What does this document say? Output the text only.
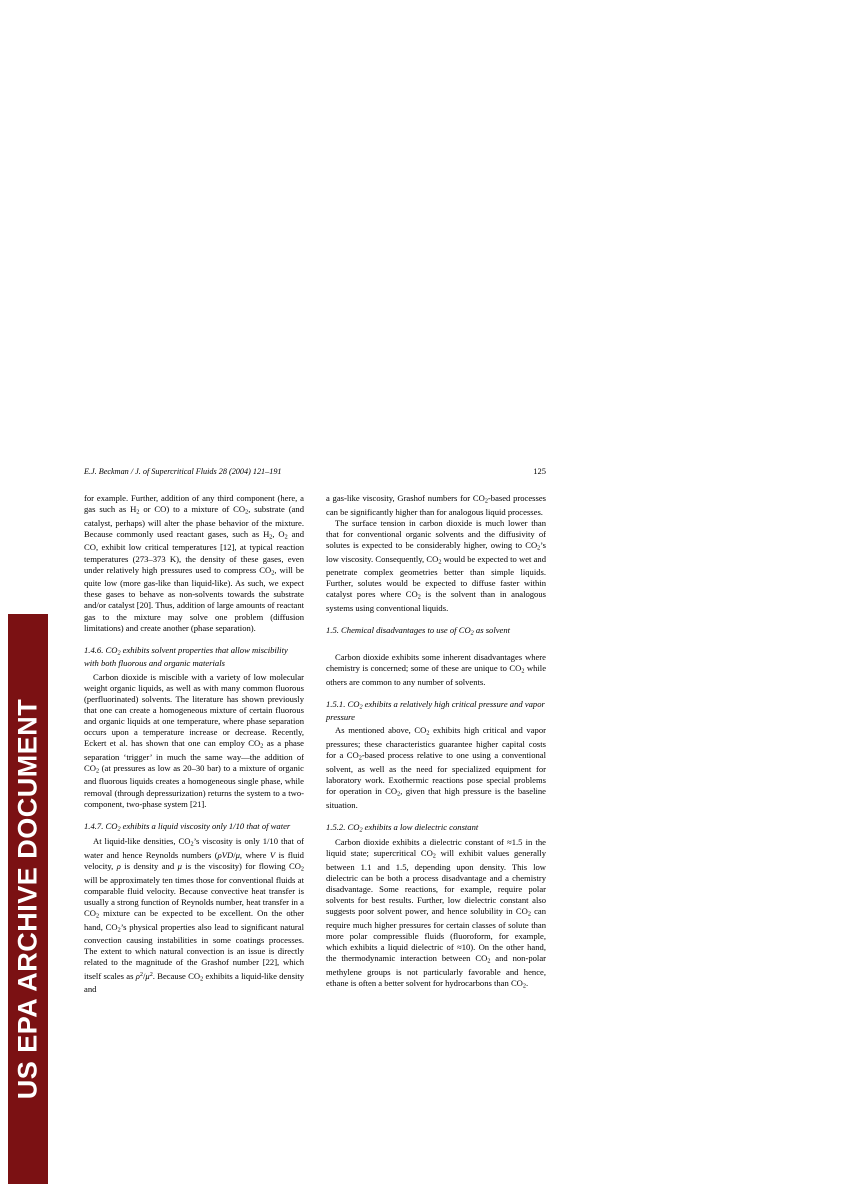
US EPA ARCHIVE DOCUMENT
E.J. Beckman / J. of Supercritical Fluids 28 (2004) 121–191	125

for example. Further, addition of any third component (here, a gas such as $H_2$ or CO) to a mixture of $CO_2$, substrate (and catalyst, perhaps) will alter the phase behavior of the mixture. Because commonly used reactant gases, such as $H_2$, $O_2$ and CO, exhibit low critical temperatures [12], at typical reaction temperatures (273–373 K), the density of these gases, even under relatively high pressures used to compress $CO_2$, will be quite low (more gas-like than liquid-like). As such, we expect these gases to behave as non-solvents towards the substrate and/or catalyst [20]. Thus, addition of large amounts of reactant gas to the mixture may solve one problem (diffusion limitations) and create another (phase separation).

1.4.6. $CO_2$ exhibits solvent properties that allow miscibility with both fluorous and organic materials

Carbon dioxide is miscible with a variety of low molecular weight organic liquids, as well as with many common fluorous (perfluorinated) solvents. The literature has shown previously that one can create a homogeneous mixture of certain fluorous and organic liquids at one temperature, where phase separation occurs upon a temperature increase or decrease. Recently, Eckert et al. has shown that one can employ $CO_2$ as a phase separation ‘trigger’ in much the same way—the addition of $CO_2$ (at pressures as low as 20–30 bar) to a mixture of organic and fluorous liquids creates a homogeneous single phase, while removal (through depressurization) returns the system to a two-component, two-phase system [21].

1.4.7. $CO_2$ exhibits a liquid viscosity only 1/10 that of water

At liquid-like densities, $CO_2’s$ viscosity is only 1/10 that of water and hence Reynolds numbers (ρVD/μ, where V is fluid velocity, ρ is density and μ is the viscosity) for flowing $CO_2$ will be approximately ten times those for conventional fluids at comparable fluid velocity. Because convective heat transfer is usually a strong function of Reynolds number, heat transfer in a $CO_2$ mixture can be expected to be excellent. On the other hand, $CO_2’s$ physical properties also lead to significant natural convection causing instabilities in some coatings processes. The extent to which natural convection is an issue is directly related to the magnitude of the Grashof number [22], which itself scales as $\rho^2/\mu^2$. Because $CO_2$ exhibits a liquid-like density and

a gas-like viscosity, Grashof numbers for $CO_2$-based processes can be significantly higher than for analogous liquid processes.

The surface tension in carbon dioxide is much lower than that for conventional organic solvents and the diffusivity of solutes is expected to be considerably higher, owing to $CO_2’s$ low viscosity. Consequently, $CO_2$ would be expected to wet and penetrate complex geometries better than simple liquids. Further, solutes would be expected to diffuse faster within catalyst pores where $CO_2$ is the solvent than in analogous systems using conventional liquids.

1.5. Chemical disadvantages to use of $CO_2$ as solvent

Carbon dioxide exhibits some inherent disadvantages where chemistry is concerned; some of these are unique to $CO_2$ while others are common to any number of solvents.

1.5.1. $CO_2$ exhibits a relatively high critical pressure and vapor pressure

As mentioned above, $CO_2$ exhibits high critical and vapor pressures; these characteristics guarantee higher capital costs for a $CO_2$-based process relative to one using a conventional solvent, as well as the need for specialized equipment for laboratory work. Exothermic reactions pose special problems for operation in $CO_2$, given that high pressure is the baseline situation.

1.5.2. $CO_2$ exhibits a low dielectric constant

Carbon dioxide exhibits a dielectric constant of ≈1.5 in the liquid state; supercritical $CO_2$ will exhibit values generally between 1.1 and 1.5, depending upon density. This low dielectric can be both a process disadvantage and a chemistry disadvantage. Some reactions, for example, require polar solvents for best results. Further, low dielectric constant also suggests poor solvent power, and hence solubility in $CO_2$ can require much higher pressures for certain classes of solute than more polar compressible fluids (fluoroform, for example, which exhibits a liquid dielectric of ≈10). On the other hand, the thermodynamic interaction between $CO_2$ and non-polar methylene groups is not particularly favorable and hence, ethane is often a better solvent for hydrocarbons than $CO_2$.
